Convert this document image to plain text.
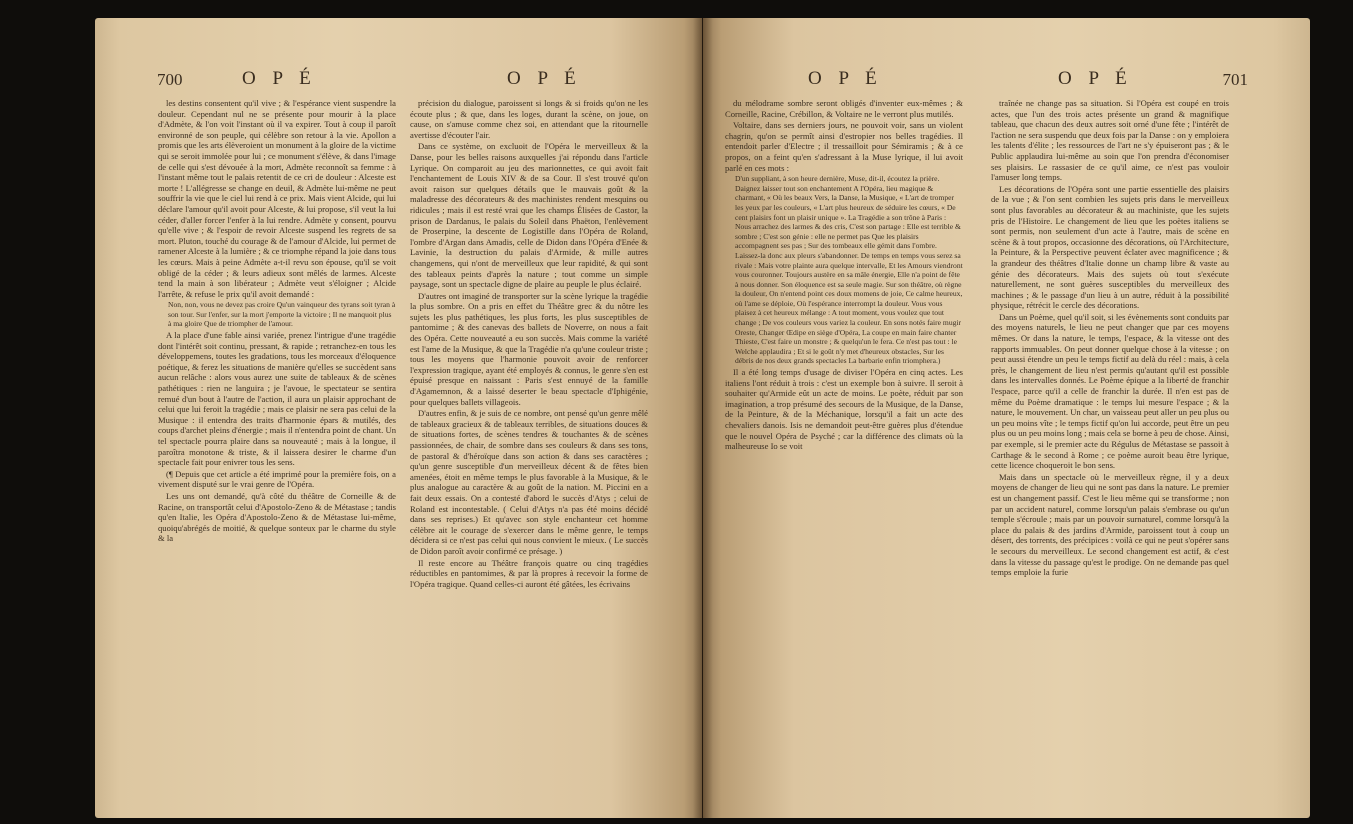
700	O P É	O P É

les destins consentent qu'il vive ; & l'espérance vient suspendre la douleur. Cependant nul ne se présente pour mourir à la place d'Admète, & l'on voit l'instant où il va expirer. Tout à coup il paroît environné de son peuple, qui célèbre son retour à la vie. Apollon a promis que les arts élèveroient un monument à la gloire de la victime qui se seroit immolée pour lui ; ce monument s'élève, & dans l'image de celle qui s'est dévouée à la mort, Admète reconnoît sa femme : à l'instant même tout le palais retentit de ce cri de douleur : Alceste est morte ! L'allégresse se change en deuil, & Admète lui-même ne peut souffrir la vie que le ciel lui rend à ce prix. Mais vient Alcide, qui lui déclare l'amour qu'il avoit pour Alceste, & lui propose, s'il veut la lui céder, d'aller forcer l'enfer à la lui rendre. Admète y consent, pourvu qu'elle vive ; & l'espoir de revoir Alceste suspend les regrets de sa mort. Pluton, touché du courage & de l'amour d'Alcide, lui permet de ramener Alceste à la lumière ; & ce triomphe répand la joie dans tous les cœurs. Mais à peine Admète a-t-il revu son épouse, qu'il se voit obligé de la céder ; & leurs adieux sont mêlés de larmes. Alceste tend la main à son libérateur ; Admète veut s'éloigner ; Alcide l'arrête, & refuse le prix qu'il avoit demandé :

Non, non, vous ne devez pas croire Qu'un vainqueur des tyrans soit tyran à son tour. Sur l'enfer, sur la mort j'emporte la victoire ; Il ne manquoit plus à ma gloire Que de triompher de l'amour.

A la place d'une fable ainsi variée, prenez l'intrigue d'une tragédie dont l'intérêt soit continu, pressant, & rapide ; retranchez-en tous les développemens, toutes les gradations, tous les morceaux d'éloquence poétique, & ferez les situations de manière qu'elles se succèdent sans aucun relâche : alors vous aurez une suite de tableaux & de scènes pathétiques : rien ne languira ; je l'avoue, le spectateur se sentira remué d'un bout à l'autre de l'action, il aura un plaisir approchant de celui que lui feroit la tragédie ; mais ce plaisir ne sera pas celui de la Musique : il entendra des traits d'harmonie épars & mutilés, des coups d'archet pleins d'énergie ; mais il n'entendra point de chant. Un tel spectacle pourra plaire dans sa nouveauté ; mais à la longue, il paroîtra monotone & triste, & il laissera desirer le charme d'un spectacle fait pour enivrer tous les sens.

(¶ Depuis que cet article a été imprimé pour la première fois, on a vivement disputé sur le vrai genre de l'Opéra.

Les uns ont demandé, qu'à côté du théâtre de Corneille & de Racine, on transportât celui d'Apostolo-Zeno & de Métastase ; tandis qu'en Italie, les Opéra d'Apostolo-Zeno & de Métastase lui-même, quoiqu'abrégés de moitié, & quelque sonteux par le charme du style & la

précision du dialogue, paroissent si longs & si froids qu'on ne les écoute plus ; & que, dans les loges, durant la scène, on joue, on cause, on s'amuse comme chez soi, en attendant que la ritournelle avertisse d'écouter l'air.

Dans ce système, on excluoit de l'Opéra le merveilleux & la Danse, pour les belles raisons auxquelles j'ai répondu dans l'article Lyrique. On comparoit au jeu des marionnettes, ce qui avoit fait l'enchantement de Louis XIV & de sa Cour. Il s'est trouvé qu'on avoit raison sur quelques détails que le mauvais goût & la maladresse des décorateurs & des machinistes rendent mesquins ou ridicules ; mais il est resté vrai que les champs Élisées de Castor, la prison de Dardanus, le palais du Soleil dans Phaëton, l'enlèvement de Proserpine, la descente de Logistille dans l'Opéra de Roland, l'ombre d'Argan dans Amadis, celle de Didon dans l'Opéra d'Enée & Lavinie, la destruction du palais d'Armide, & mille autres changemens, qui n'ont de merveilleux que leur rapidité, & qui sont des tableaux peints d'après la nature ; tout comme un simple paysage, sont un spectacle digne de plaire au peuple le plus éclairé.

D'autres ont imaginé de transporter sur la scène lyrique la tragédie la plus sombre. On a pris en effet du Théâtre grec & du nôtre les sujets les plus pathétiques, les plus forts, les plus susceptibles de pantomime ; & des canevas des ballets de Noverre, on nous a fait des Opéra. Cette nouveauté a eu son succès. Mais comme la variété est l'ame de la Musique, & que la Tragédie n'a qu'une couleur triste ; tous les moyens que l'harmonie pouvoit avoir de renforcer l'expression tragique, ayant été employés & connus, le genre s'en est épuisé presque en naissant : Paris s'est ennuyé de la famille d'Agamemnon, & a laissé deserter le beau spectacle d'Iphigénie, pour quelques ballets villageois.

D'autres enfin, & je suis de ce nombre, ont pensé qu'un genre mêlé de tableaux gracieux & de tableaux terribles, de situations douces & de situations fortes, de scènes tendres & touchantes & de scènes passionnées, de chair, de sombre dans ses couleurs & dans ses tons, de pastoral & d'héroïque dans son action & dans ses caractères ; qu'un genre susceptible d'un merveilleux décent & de fêtes bien amenées, étoit en même temps le plus favorable à la Musique, & le plus analogue au caractère & au goût de la nation. M. Piccini en a fait deux essais. On a contesté d'abord le succès d'Atys ; celui de Roland est incontestable. ( Celui d'Atys n'a pas été moins décidé dans ses reprises.) Et qu'avec son style enchanteur cet homme célèbre ait le courage de s'exercer dans le même genre, le temps décidera si ce n'est pas celui qui nous convient le mieux. ( Le succès de Didon paroît avoir confirmé ce présage. )

Il reste encore au Théâtre françois quatre ou cinq tragédies réductibles en pantomimes, & par là propres à recevoir la forme de l'Opéra tragique. Quand celles-ci auront été gâtées, les écrivains

O P É	O P É	701

du mélodrame sombre seront obligés d'inventer eux-mêmes ; & Corneille, Racine, Crébillon, & Voltaire ne le verront plus mutilés.

Voltaire, dans ses derniers jours, ne pouvoit voir, sans un violent chagrin, qu'on se permît ainsi d'estropier nos belles tragédies. Il entendoit parler d'Electre ; il tressailloit pour Sémiramis ; & à ce propos, on a feint qu'en s'adressant à la Muse lyrique, il lui avoit parlé en ces mots :

D'un suppliant, à son heure dernière, Muse, dit-il, écoutez la prière. Daignez laisser tout son enchantement A l'Opéra, lieu magique & charmant, « Où les beaux Vers, la Danse, la Musique, « L'art de tromper les yeux par les couleurs, « L'art plus heureux de séduire les cœurs, « De cent plaisirs font un plaisir unique ». La Tragédie a son trône à Paris : Nous arrachez des larmes & des cris, C'est son partage : Elle est terrible & sombre ; C'est son génie : elle ne permet pas Que les plaisirs accompagnent ses pas ; Sur des tombeaux elle gémit dans l'ombre. Laissez-la donc aux pleurs s'abandonner. De temps en temps vous serez sa rivale : Mais votre plainte aura quelque intervalle, Et les Amours viendront vous couronner. Toujours austère en sa mâle énergie, Elle n'a point de fête à nous donner. Son éloquence est sa seule magie. Sur son théâtre, où règne la douleur, On n'entend point ces doux momens de joie, Ce calme heureux, où l'ame se déploie, Où l'espérance interrompt la douleur. Vous vous plaisez à cet heureux mélange : A tout moment, vous voulez que tout change ; De vos couleurs vous variez la couleur. En sons notés faire mugir Oreste, Changer Œdipe en siège d'Opéra, La coupe en main faire chanter Thieste, C'est faire un monstre ; & quelqu'un le fera. Ce n'est pas tout : le Welche applaudira ; Et si le goût n'y met d'heureux obstacles, Sur les débris de nos deux grands spectacles La barbarie enfin triomphera.)

Il a été long temps d'usage de diviser l'Opéra en cinq actes. Les italiens l'ont réduit à trois : c'est un exemple bon à suivre. Il seroit à souhaiter qu'Armide eût un acte de moins. Le poète, réduit par son imagination, a trop présumé des secours de la Musique, de la Danse, de la Peinture, & de la Méchanique, lorsqu'il a fait un acte des chevaliers danois. Isis ne demandoit peut-être guères plus d'étendue que le nouvel Opéra de Psyché ; car la différence des climats où la malheureuse Io se voit

traînée ne change pas sa situation. Si l'Opéra est coupé en trois actes, que l'un des trois actes présente un grand & magnifique tableau, que chacun des deux autres soit orné d'une fête ; l'intérêt de l'action ne sera suspendu que deux fois par la Danse : on y emploiera les talents d'élite ; les ressources de l'art ne s'y épuiseront pas ; & le Public applaudira lui-même au soin que l'on prendra d'économiser ses plaisirs. Le rassasier de ce qu'il aime, ce n'est pas vouloir l'amuser long temps.

Les décorations de l'Opéra sont une partie essentielle des plaisirs de la vue ; & l'on sent combien les sujets pris dans le merveilleux sont plus favorables au décorateur & au machiniste, que les sujets pris de l'Histoire. Le changement de lieu que les poètes italiens se sont permis, non seulement d'un acte à l'autre, mais de scène en scène & à tout propos, occasionne des décorations, où l'Architecture, la Peinture, & la Perspective peuvent éclater avec magnificence ; & la grandeur des théâtres d'Italie donne un champ libre & vaste au génie des décorateurs. Mais des sujets où tout s'exécute naturellement, ne sont guères susceptibles du merveilleux des machines ; & le passage d'un lieu à un autre, réduit à la possibilité physique, rétrécit le cercle des décorations.

Dans un Poème, quel qu'il soit, si les évènements sont conduits par des moyens naturels, le lieu ne peut changer que par ces moyens mêmes. Or dans la nature, le temps, l'espace, & la vitesse ont des rapports immuables. On peut donner quelque chose à la vitesse ; on peut aussi étendre un peu le temps fictif au delà du réel : mais, à cela près, le changement de lieu n'est permis qu'autant qu'il est possible dans les intervalles donnés. Le Poème épique a la liberté de franchir l'espace, parce qu'il a celle de franchir la durée. Il n'en est pas de même du Poème dramatique : le temps lui mesure l'espace ; & la nature, le mouvement. Un char, un vaisseau peut aller un peu plus ou un peu moins vîte ; le temps fictif qu'on lui accorde, peut être un peu plus ou un peu moins long ; mais cela se borne à peu de chose. Ainsi, par exemple, si le premier acte du Régulus de Métastase se passoit à Carthage & le second à Rome ; ce poème auroit beau être lyrique, cette licence choqueroit le bon sens.

Mais dans un spectacle où le merveilleux règne, il y a deux moyens de changer de lieu qui ne sont pas dans la nature. Le premier est un changement passif. C'est le lieu même qui se transforme ; non par un accident naturel, comme lorsqu'un palais s'embrase ou qu'un temple s'écroule ; mais par un pouvoir surnaturel, comme lorsqu'à la place du palais & des jardins d'Armide, paroissent tout à coup un désert, des torrents, des précipices : voilà ce qui ne peut s'opérer sans le secours du merveilleux. Le second changement est actif, & c'est dans la vitesse du passage qu'est le prodige. On ne demande pas quel temps emploie la furie
